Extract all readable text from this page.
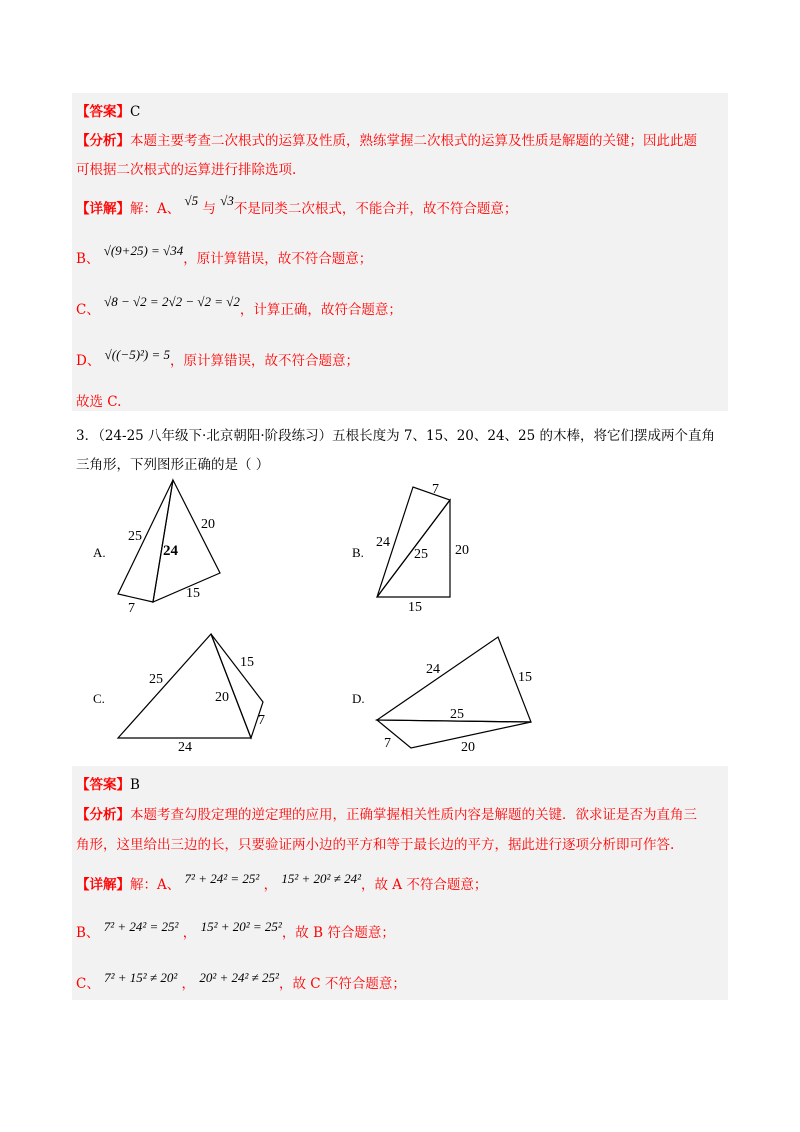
【答案】C
【分析】本题主要考查二次根式的运算及性质，熟练掌握二次根式的运算及性质是解题的关键；因此此题
可根据二次根式的运算进行排除选项.
【详解】解：A、 √5 与 √3不是同类二次根式，不能合并，故不符合题意；
B、 √(9+25) = √34，原计算错误，故不符合题意；
C、 √8 − √2 = 2√2 − √2 = √2，计算正确，故符合题意；
D、 √((−5)²) = 5，原计算错误，故不符合题意；
故选 C.
3．（24-25 八年级下·北京朝阳·阶段练习）五根长度为 7、15、20、24、25 的木棒，将它们摆成两个直角
三角形，下列图形正确的是（ ）
A.	B.
C.	D.
25
24
20
7
15
7
24
25 20
15
25
20
15
7
24
24
15
25
7	20
【答案】B
【分析】本题考查勾股定理的逆定理的应用，正确掌握相关性质内容是解题的关键．欲求证是否为直角三
角形，这里给出三边的长，只要验证两小边的平方和等于最长边的平方，据此进行逐项分析即可作答.
【详解】解：A、 7² + 24² = 25² ， 15² + 20² ≠ 24²，故 A 不符合题意；
B、 7² + 24² = 25² ， 15² + 20² = 25²，故 B 符合题意；
C、 7² + 15² ≠ 20² ， 20² + 24² ≠ 25²，故 C 不符合题意；
